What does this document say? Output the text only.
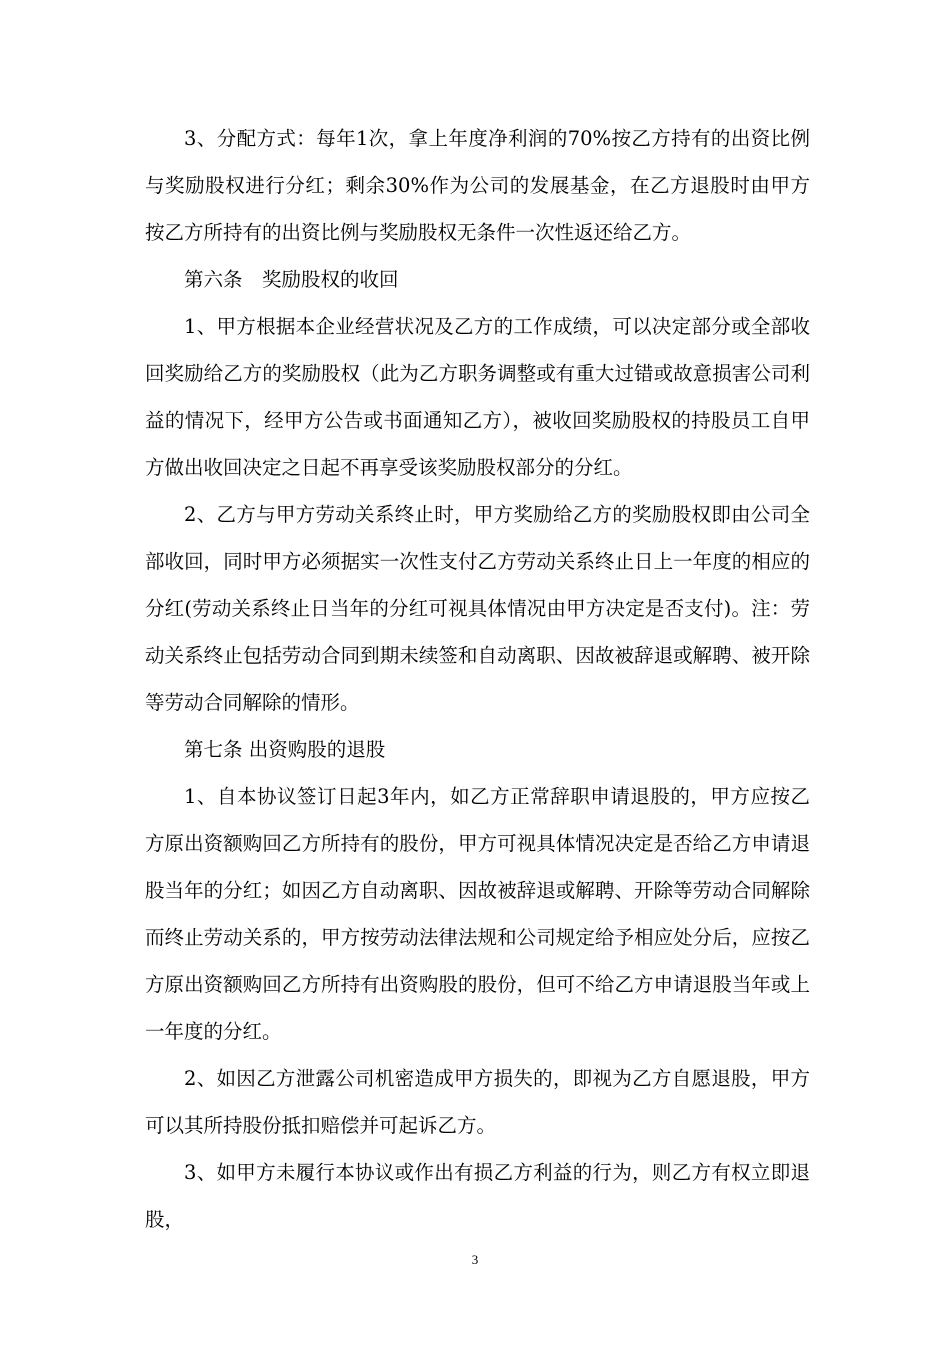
3、分配方式：每年1次，拿上年度净利润的70%按乙方持有的出资比例与奖励股权进行分红；剩余30%作为公司的发展基金，在乙方退股时由甲方按乙方所持有的出资比例与奖励股权无条件一次性返还给乙方。

第六条　奖励股权的收回

1、甲方根据本企业经营状况及乙方的工作成绩，可以决定部分或全部收回奖励给乙方的奖励股权（此为乙方职务调整或有重大过错或故意损害公司利益的情况下，经甲方公告或书面通知乙方），被收回奖励股权的持股员工自甲方做出收回决定之日起不再享受该奖励股权部分的分红。

2、乙方与甲方劳动关系终止时，甲方奖励给乙方的奖励股权即由公司全部收回，同时甲方必须据实一次性支付乙方劳动关系终止日上一年度的相应的分红(劳动关系终止日当年的分红可视具体情况由甲方决定是否支付)。注：劳动关系终止包括劳动合同到期未续签和自动离职、因故被辞退或解聘、被开除等劳动合同解除的情形。

第七条 出资购股的退股

1、自本协议签订日起3年内，如乙方正常辞职申请退股的，甲方应按乙方原出资额购回乙方所持有的股份，甲方可视具体情况决定是否给乙方申请退股当年的分红；如因乙方自动离职、因故被辞退或解聘、开除等劳动合同解除而终止劳动关系的，甲方按劳动法律法规和公司规定给予相应处分后，应按乙方原出资额购回乙方所持有出资购股的股份，但可不给乙方申请退股当年或上一年度的分红。

2、如因乙方泄露公司机密造成甲方损失的，即视为乙方自愿退股，甲方可以其所持股份抵扣赔偿并可起诉乙方。

3、如甲方未履行本协议或作出有损乙方利益的行为，则乙方有权立即退股，

3
